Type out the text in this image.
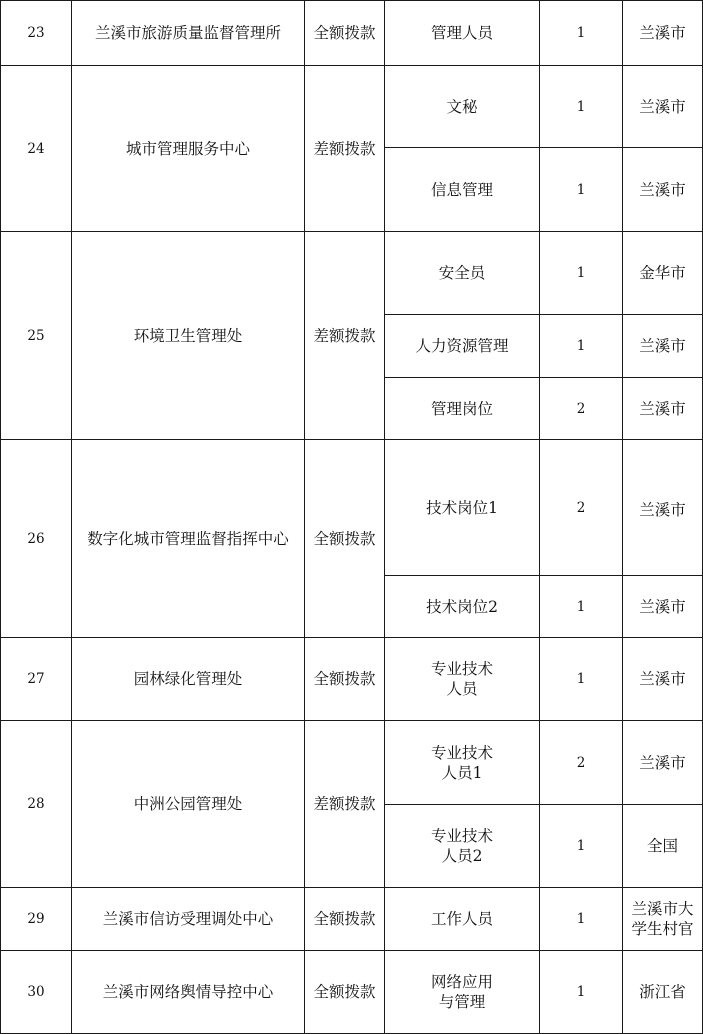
23	兰溪市旅游质量监督管理所	全额拨款	管理人员	1	兰溪市

24	城市管理服务中心	差额拨款	文秘	1	兰溪市

			信息管理	1	兰溪市

25	环境卫生管理处	差额拨款	安全员	1	金华市

			人力资源管理	1	兰溪市

			管理岗位	2	兰溪市

26	数字化城市管理监督指挥中心	全额拨款	技术岗位1	2	兰溪市

			技术岗位2	1	兰溪市

27	园林绿化管理处	全额拨款	专业技术
人员	1	兰溪市

28	中洲公园管理处	差额拨款	专业技术
人员1	2	兰溪市

			专业技术
人员2	1	全国

29	兰溪市信访受理调处中心	全额拨款	工作人员	1	兰溪市大
学生村官

30	兰溪市网络舆情导控中心	全额拨款	网络应用
与管理	1	浙江省
